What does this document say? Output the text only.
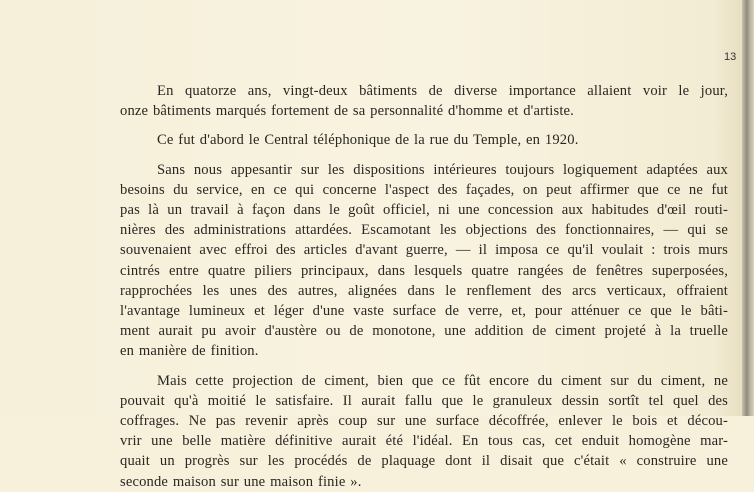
13

En quatorze ans, vingt-deux bâtiments de diverse importance allaient voir le jour,
onze bâtiments marqués fortement de sa personnalité d'homme et d'artiste.

Ce fut d'abord le Central téléphonique de la rue du Temple, en 1920.

Sans nous appesantir sur les dispositions intérieures toujours logiquement adaptées aux
besoins du service, en ce qui concerne l'aspect des façades, on peut affirmer que ce ne fut
pas là un travail à façon dans le goût officiel, ni une concession aux habitudes d'œil routi-
nières des administrations attardées. Escamotant les objections des fonctionnaires, — qui se
souvenaient avec effroi des articles d'avant guerre, — il imposa ce qu'il voulait : trois murs
cintrés entre quatre piliers principaux, dans lesquels quatre rangées de fenêtres superposées,
rapprochées les unes des autres, alignées dans le renflement des arcs verticaux, offraient
l'avantage lumineux et léger d'une vaste surface de verre, et, pour atténuer ce que le bâti-
ment aurait pu avoir d'austère ou de monotone, une addition de ciment projeté à la truelle
en manière de finition.

Mais cette projection de ciment, bien que ce fût encore du ciment sur du ciment, ne
pouvait qu'à moitié le satisfaire. Il aurait fallu que le granuleux dessin sortît tel quel des
coffrages. Ne pas revenir après coup sur une surface décoffrée, enlever le bois et décou-
vrir une belle matière définitive aurait été l'idéal. En tous cas, cet enduit homogène mar-
quait un progrès sur les procédés de plaquage dont il disait que c'était « construire une
seconde maison sur une maison finie ».
